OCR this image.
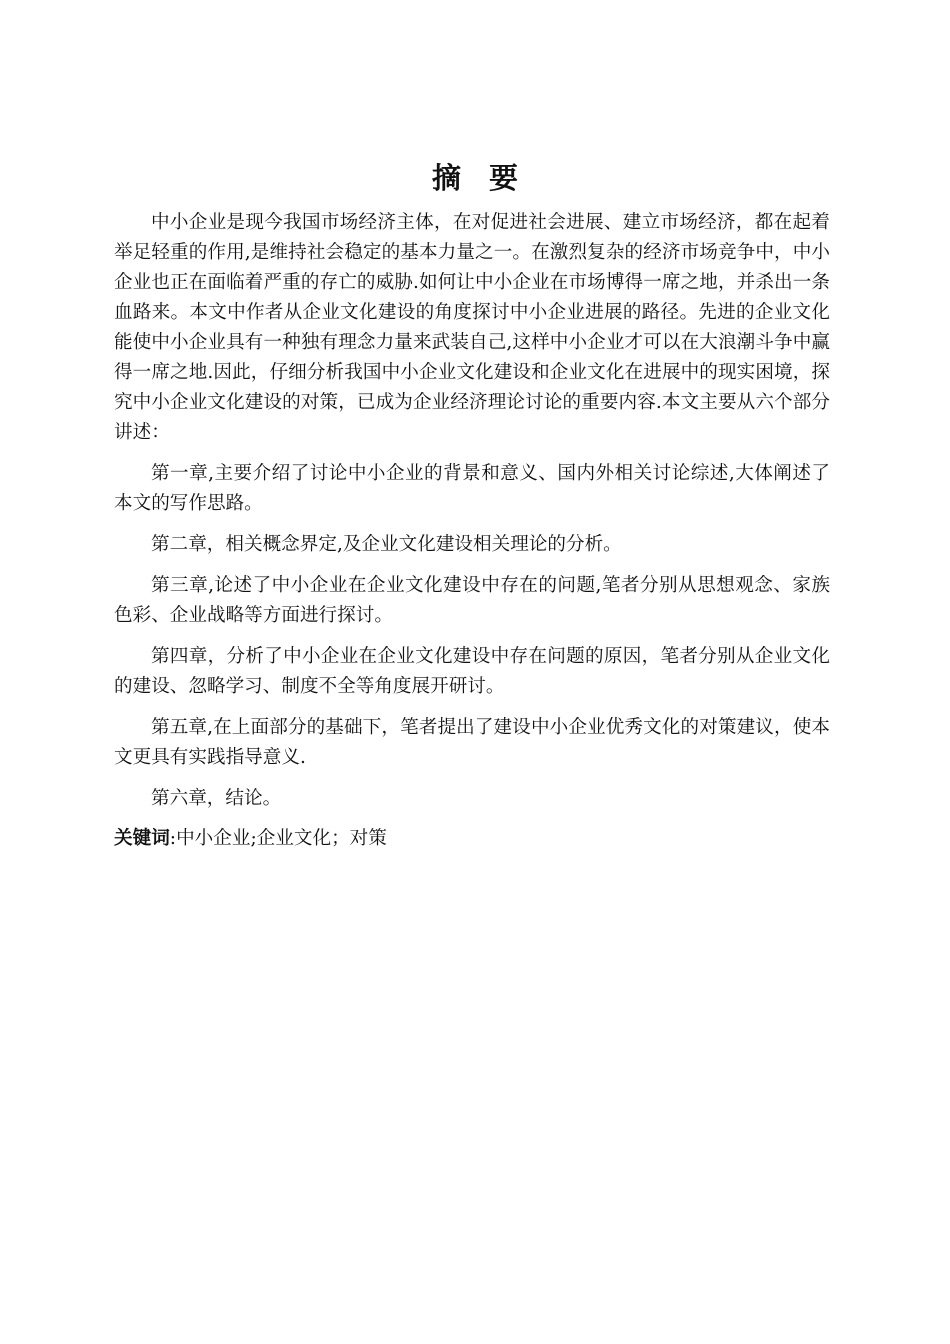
摘 要

中小企业是现今我国市场经济主体，在对促进社会进展、建立市场经济，都在起着举足轻重的作用,是维持社会稳定的基本力量之一。在激烈复杂的经济市场竞争中，中小企业也正在面临着严重的存亡的威胁.如何让中小企业在市场博得一席之地，并杀出一条血路来。本文中作者从企业文化建设的角度探讨中小企业进展的路径。先进的企业文化能使中小企业具有一种独有理念力量来武装自己,这样中小企业才可以在大浪潮斗争中赢得一席之地.因此，仔细分析我国中小企业文化建设和企业文化在进展中的现实困境，探究中小企业文化建设的对策，已成为企业经济理论讨论的重要内容.本文主要从六个部分讲述：

第一章,主要介绍了讨论中小企业的背景和意义、国内外相关讨论综述,大体阐述了本文的写作思路。

第二章，相关概念界定,及企业文化建设相关理论的分析。

第三章,论述了中小企业在企业文化建设中存在的问题,笔者分别从思想观念、家族色彩、企业战略等方面进行探讨。

第四章，分析了中小企业在企业文化建设中存在问题的原因，笔者分别从企业文化的建设、忽略学习、制度不全等角度展开研讨。

第五章,在上面部分的基础下，笔者提出了建设中小企业优秀文化的对策建议，使本文更具有实践指导意义.

第六章，结论。

关键词:中小企业;企业文化；对策
